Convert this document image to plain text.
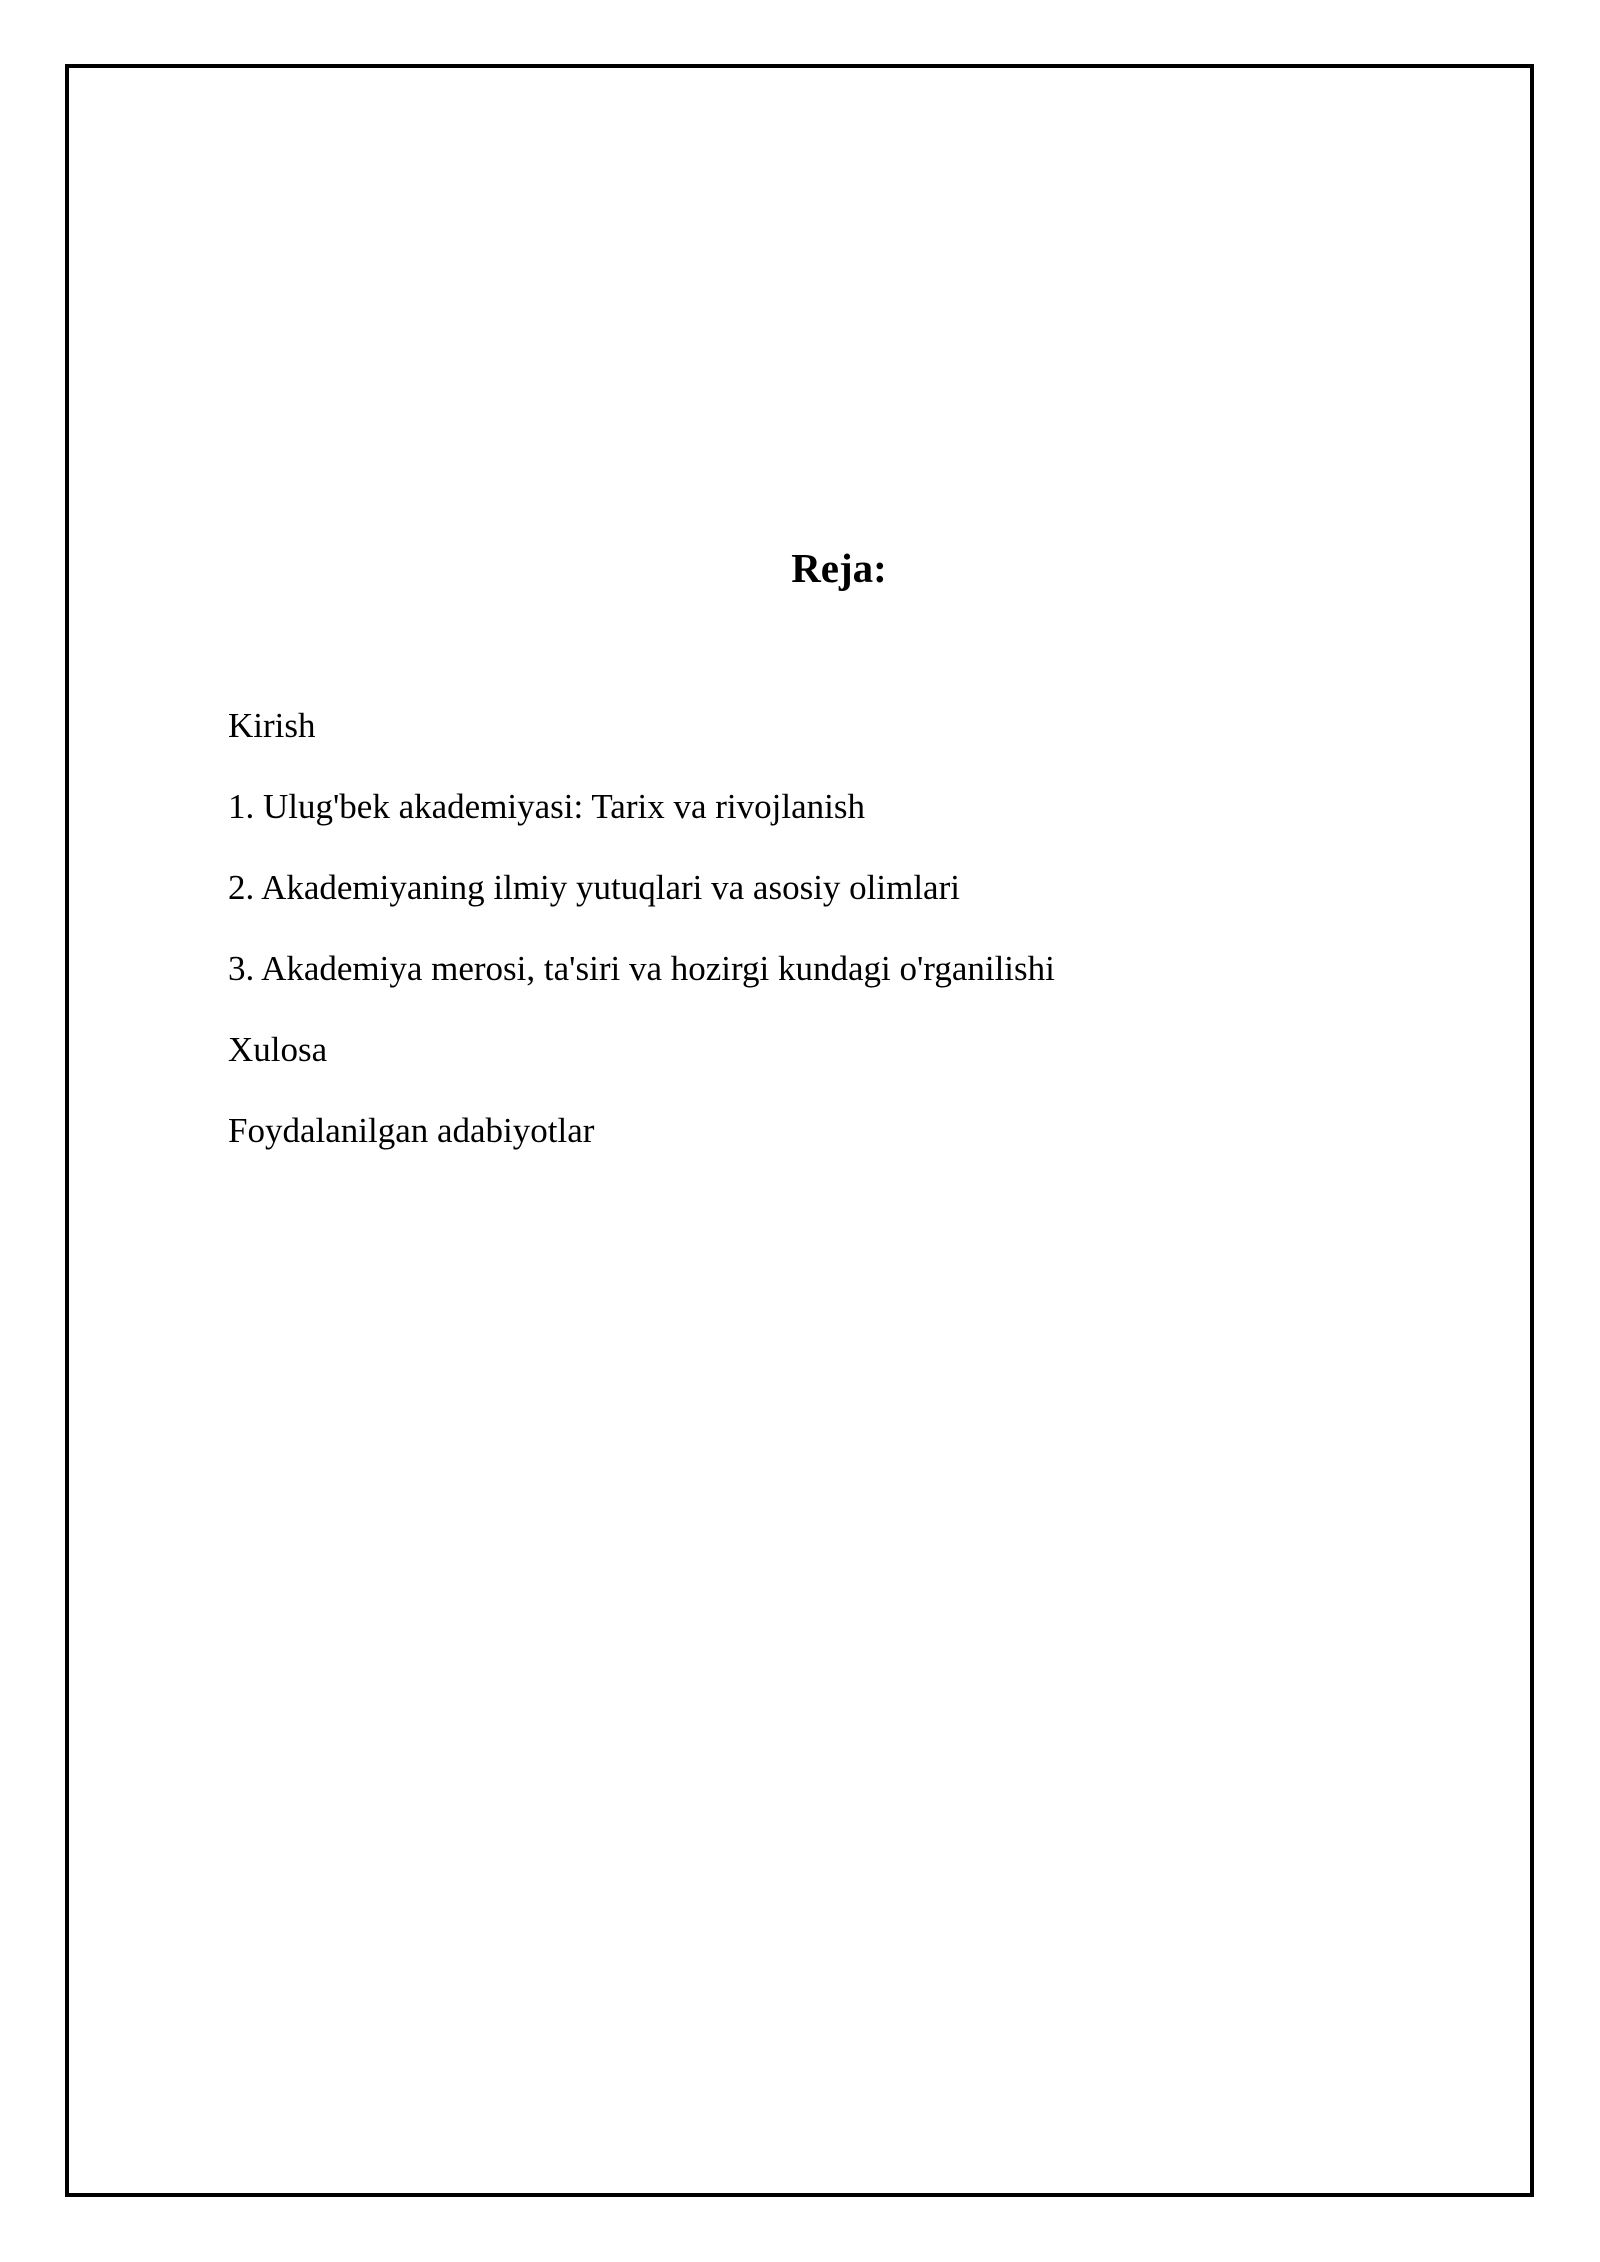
Reja:
Kirish
1. Ulug'bek akademiyasi: Tarix va rivojlanish
2. Akademiyaning ilmiy yutuqlari va asosiy olimlari
3. Akademiya merosi, ta'siri va hozirgi kundagi o'rganilishi
Xulosa
Foydalanilgan adabiyotlar
